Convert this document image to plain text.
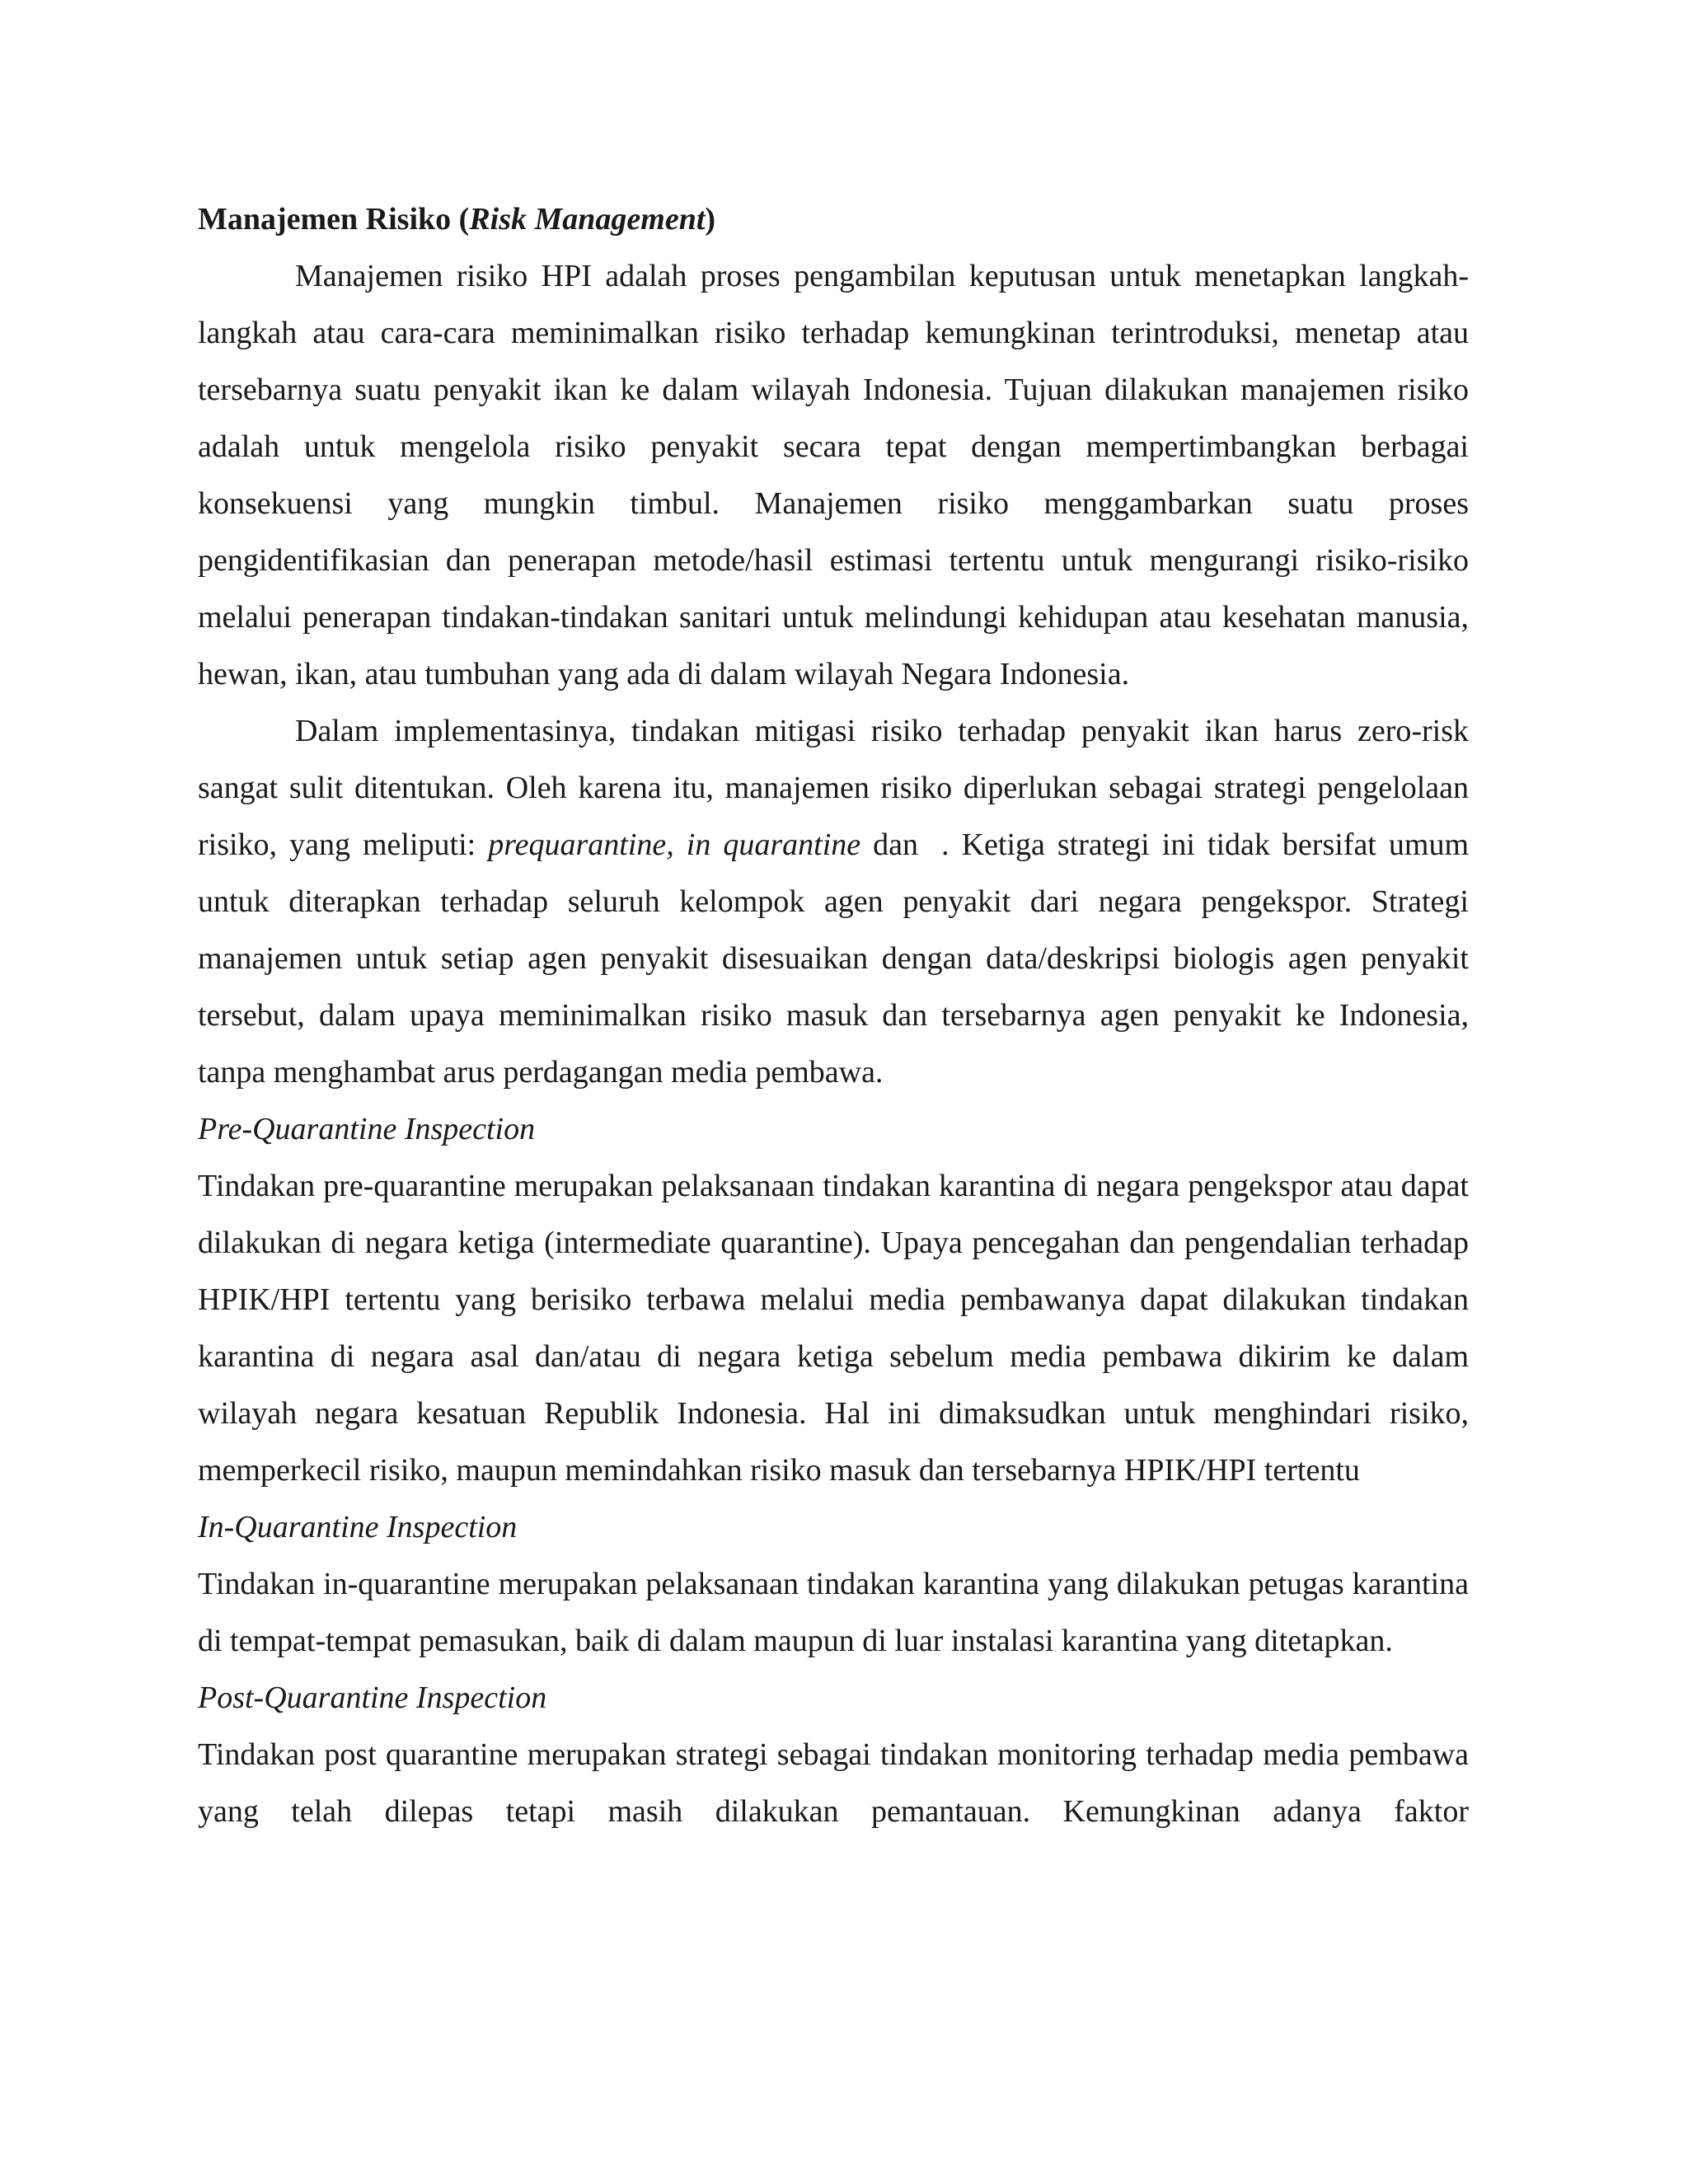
Manajemen Risiko (Risk Management)

Manajemen risiko HPI adalah proses pengambilan keputusan untuk menetapkan langkah-langkah atau cara-cara meminimalkan risiko terhadap kemungkinan terintroduksi, menetap atau tersebarnya suatu penyakit ikan ke dalam wilayah Indonesia. Tujuan dilakukan manajemen risiko adalah untuk mengelola risiko penyakit secara tepat dengan mempertimbangkan berbagai konsekuensi yang mungkin timbul. Manajemen risiko menggambarkan suatu proses pengidentifikasian dan penerapan metode/hasil estimasi tertentu untuk mengurangi risiko-risiko melalui penerapan tindakan-tindakan sanitari untuk melindungi kehidupan atau kesehatan manusia, hewan, ikan, atau tumbuhan yang ada di dalam wilayah Negara Indonesia.

Dalam implementasinya, tindakan mitigasi risiko terhadap penyakit ikan harus zero-risk sangat sulit ditentukan. Oleh karena itu, manajemen risiko diperlukan sebagai strategi pengelolaan risiko, yang meliputi: prequarantine, in quarantine dan . Ketiga strategi ini tidak bersifat umum untuk diterapkan terhadap seluruh kelompok agen penyakit dari negara pengekspor. Strategi manajemen untuk setiap agen penyakit disesuaikan dengan data/deskripsi biologis agen penyakit tersebut, dalam upaya meminimalkan risiko masuk dan tersebarnya agen penyakit ke Indonesia, tanpa menghambat arus perdagangan media pembawa.

Pre-Quarantine Inspection

Tindakan pre-quarantine merupakan pelaksanaan tindakan karantina di negara pengekspor atau dapat dilakukan di negara ketiga (intermediate quarantine). Upaya pencegahan dan pengendalian terhadap HPIK/HPI tertentu yang berisiko terbawa melalui media pembawanya dapat dilakukan tindakan karantina di negara asal dan/atau di negara ketiga sebelum media pembawa dikirim ke dalam wilayah negara kesatuan Republik Indonesia. Hal ini dimaksudkan untuk menghindari risiko, memperkecil risiko, maupun memindahkan risiko masuk dan tersebarnya HPIK/HPI tertentu

In-Quarantine Inspection

Tindakan in-quarantine merupakan pelaksanaan tindakan karantina yang dilakukan petugas karantina di tempat-tempat pemasukan, baik di dalam maupun di luar instalasi karantina yang ditetapkan.

Post-Quarantine Inspection

Tindakan post quarantine merupakan strategi sebagai tindakan monitoring terhadap media pembawa yang telah dilepas tetapi masih dilakukan pemantauan. Kemungkinan adanya faktor
